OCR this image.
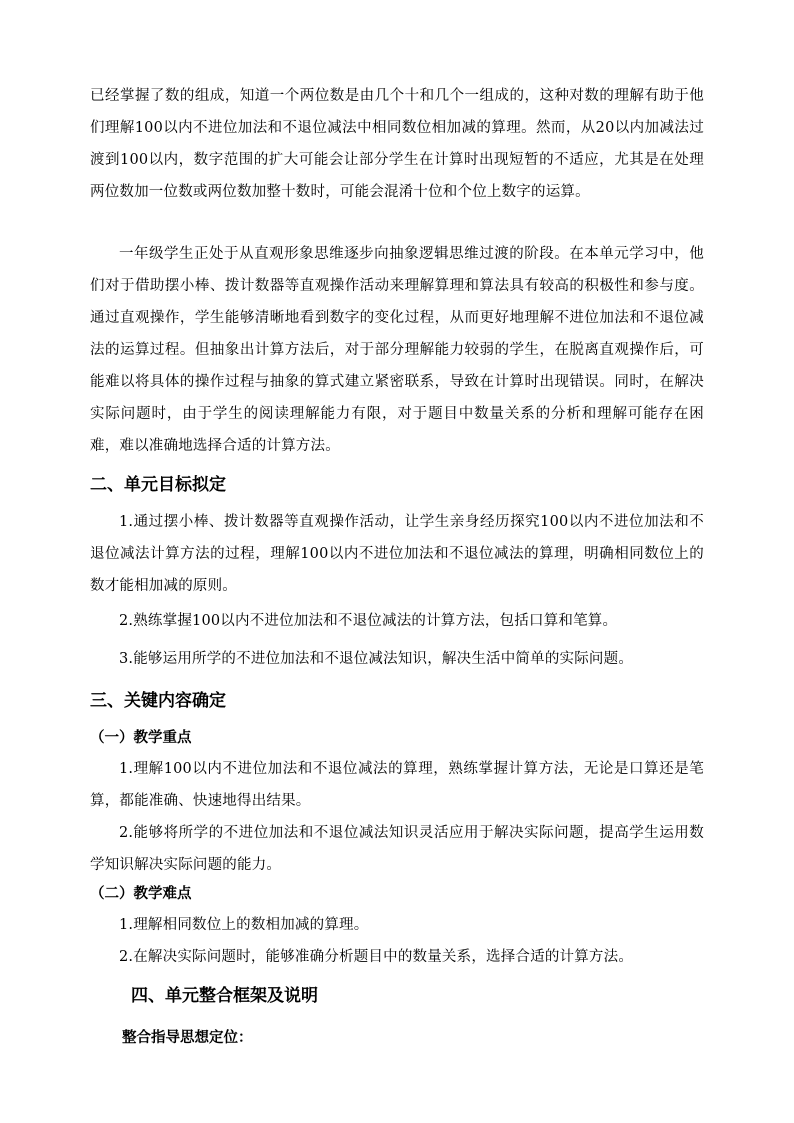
已经掌握了数的组成，知道一个两位数是由几个十和几个一组成的，这种对数的理解有助于他们理解100以内不进位加法和不退位减法中相同数位相加减的算理。然而，从20以内加减法过渡到100以内，数字范围的扩大可能会让部分学生在计算时出现短暂的不适应，尤其是在处理两位数加一位数或两位数加整十数时，可能会混淆十位和个位上数字的运算。

一年级学生正处于从直观形象思维逐步向抽象逻辑思维过渡的阶段。在本单元学习中，他们对于借助摆小棒、拨计数器等直观操作活动来理解算理和算法具有较高的积极性和参与度。通过直观操作，学生能够清晰地看到数字的变化过程，从而更好地理解不进位加法和不退位减法的运算过程。但抽象出计算方法后，对于部分理解能力较弱的学生，在脱离直观操作后，可能难以将具体的操作过程与抽象的算式建立紧密联系，导致在计算时出现错误。同时，在解决实际问题时，由于学生的阅读理解能力有限，对于题目中数量关系的分析和理解可能存在困难，难以准确地选择合适的计算方法。

二、单元目标拟定

1.通过摆小棒、拨计数器等直观操作活动，让学生亲身经历探究100以内不进位加法和不退位减法计算方法的过程，理解100以内不进位加法和不退位减法的算理，明确相同数位上的数才能相加减的原则。

2.熟练掌握100以内不进位加法和不退位减法的计算方法，包括口算和笔算。

3.能够运用所学的不进位加法和不退位减法知识，解决生活中简单的实际问题。

三、关键内容确定
（一）教学重点

1.理解100以内不进位加法和不退位减法的算理，熟练掌握计算方法，无论是口算还是笔算，都能准确、快速地得出结果。

2.能够将所学的不进位加法和不退位减法知识灵活应用于解决实际问题，提高学生运用数学知识解决实际问题的能力。

（二）教学难点

1.理解相同数位上的数相加减的算理。

2.在解决实际问题时，能够准确分析题目中的数量关系，选择合适的计算方法。

四、单元整合框架及说明
整合指导思想定位：
